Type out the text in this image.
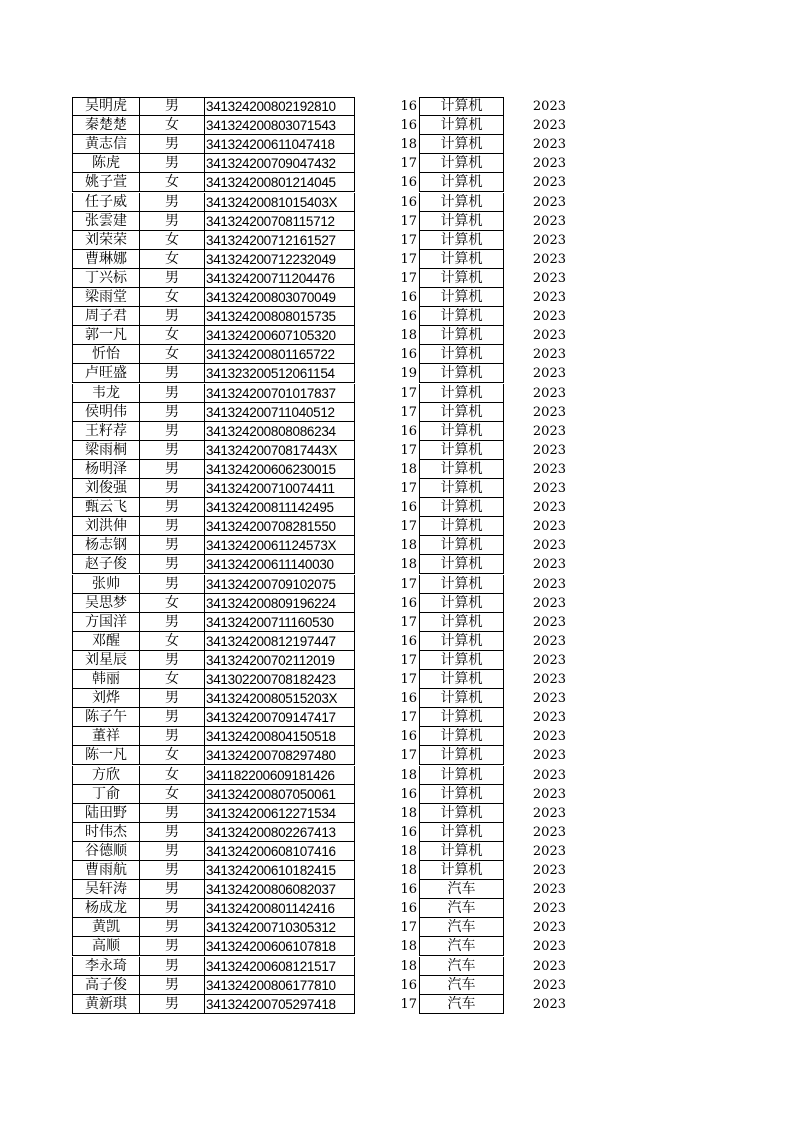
吴明虎	男	341324200802192810	16	计算机	2023
秦楚楚	女	341324200803071543	16	计算机	2023
黄志信	男	341324200611047418	18	计算机	2023
陈虎	男	341324200709047432	17	计算机	2023
姚子萱	女	341324200801214045	16	计算机	2023
任子威	男	34132420081015403X	16	计算机	2023
张雲建	男	341324200708115712	17	计算机	2023
刘荣荣	女	341324200712161527	17	计算机	2023
曹琳娜	女	341324200712232049	17	计算机	2023
丁兴标	男	341324200711204476	17	计算机	2023
梁雨堂	女	341324200803070049	16	计算机	2023
周子君	男	341324200808015735	16	计算机	2023
郭一凡	女	341324200607105320	18	计算机	2023
忻怡	女	341324200801165722	16	计算机	2023
卢旺盛	男	341323200512061154	19	计算机	2023
韦龙	男	341324200701017837	17	计算机	2023
侯明伟	男	341324200711040512	17	计算机	2023
王籽荐	男	341324200808086234	16	计算机	2023
梁雨桐	男	34132420070817443X	17	计算机	2023
杨明泽	男	341324200606230015	18	计算机	2023
刘俊强	男	341324200710074411	17	计算机	2023
甄云飞	男	341324200811142495	16	计算机	2023
刘洪伸	男	341324200708281550	17	计算机	2023
杨志钢	男	34132420061124573X	18	计算机	2023
赵子俊	男	341324200611140030	18	计算机	2023
张帅	男	341324200709102075	17	计算机	2023
吴思梦	女	341324200809196224	16	计算机	2023
方国洋	男	341324200711160530	17	计算机	2023
邓醒	女	341324200812197447	16	计算机	2023
刘星辰	男	341324200702112019	17	计算机	2023
韩丽	女	341302200708182423	17	计算机	2023
刘烨	男	34132420080515203X	16	计算机	2023
陈子午	男	341324200709147417	17	计算机	2023
董祥	男	341324200804150518	16	计算机	2023
陈一凡	女	341324200708297480	17	计算机	2023
方欣	女	341182200609181426	18	计算机	2023
丁俞	女	341324200807050061	16	计算机	2023
陆田野	男	341324200612271534	18	计算机	2023
时伟杰	男	341324200802267413	16	计算机	2023
谷德顺	男	341324200608107416	18	计算机	2023
曹雨航	男	341324200610182415	18	计算机	2023
吴轩涛	男	341324200806082037	16	汽车	2023
杨成龙	男	341324200801142416	16	汽车	2023
黄凯	男	341324200710305312	17	汽车	2023
高顺	男	341324200606107818	18	汽车	2023
李永琦	男	341324200608121517	18	汽车	2023
高子俊	男	341324200806177810	16	汽车	2023
黄新琪	男	341324200705297418	17	汽车	2023
